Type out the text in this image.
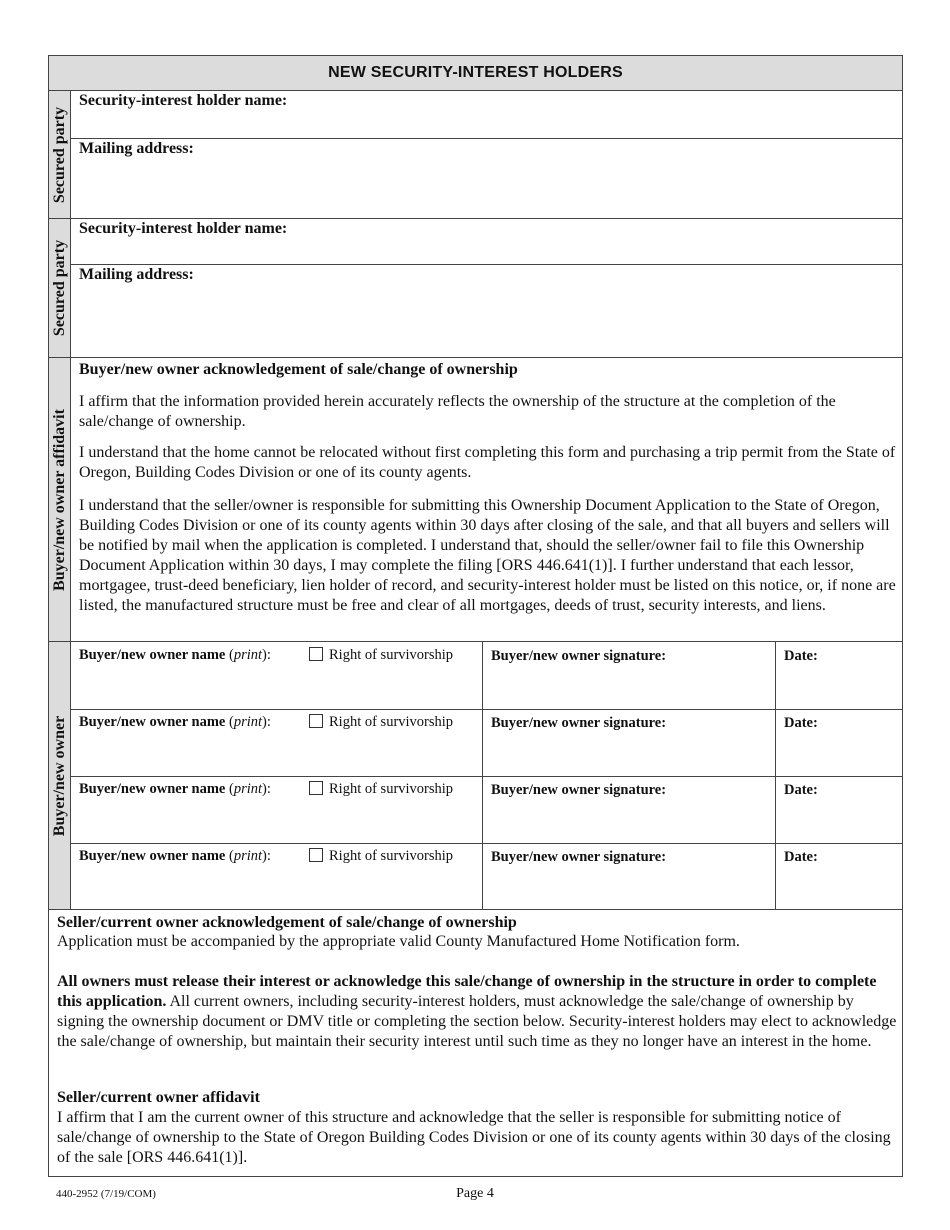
NEW SECURITY-INTEREST HOLDERS
Secured party
Security-interest holder name:
Mailing address:
Secured party
Security-interest holder name:
Mailing address:
Buyer/new owner affidavit
Buyer/new owner acknowledgement of sale/change of ownership
I affirm that the information provided herein accurately reflects the ownership of the structure at the completion of the sale/change of ownership.
I understand that the home cannot be relocated without first completing this form and purchasing a trip permit from the State of Oregon, Building Codes Division or one of its county agents.
I understand that the seller/owner is responsible for submitting this Ownership Document Application to the State of Oregon, Building Codes Division or one of its county agents within 30 days after closing of the sale, and that all buyers and sellers will be notified by mail when the application is completed. I understand that, should the seller/owner fail to file this Ownership Document Application within 30 days, I may complete the filing [ORS 446.641(1)]. I further understand that each lessor, mortgagee, trust-deed beneficiary, lien holder of record, and security-interest holder must be listed on this notice, or, if none are listed, the manufactured structure must be free and clear of all mortgages, deeds of trust, security interests, and liens.
Buyer/new owner
Buyer/new owner name (print):	Right of survivorship	Buyer/new owner signature:	Date:
Buyer/new owner name (print):	Right of survivorship	Buyer/new owner signature:	Date:
Buyer/new owner name (print):	Right of survivorship	Buyer/new owner signature:	Date:
Buyer/new owner name (print):	Right of survivorship	Buyer/new owner signature:	Date:
Seller/current owner acknowledgement of sale/change of ownership
Application must be accompanied by the appropriate valid County Manufactured Home Notification form.
All owners must release their interest or acknowledge this sale/change of ownership in the structure in order to complete this application. All current owners, including security-interest holders, must acknowledge the sale/change of ownership by signing the ownership document or DMV title or completing the section below. Security-interest holders may elect to acknowledge the sale/change of ownership, but maintain their security interest until such time as they no longer have an interest in the home.
Seller/current owner affidavit
I affirm that I am the current owner of this structure and acknowledge that the seller is responsible for submitting notice of sale/change of ownership to the State of Oregon Building Codes Division or one of its county agents within 30 days of the closing of the sale [ORS 446.641(1)].
440-2952 (7/19/COM)	Page 4
